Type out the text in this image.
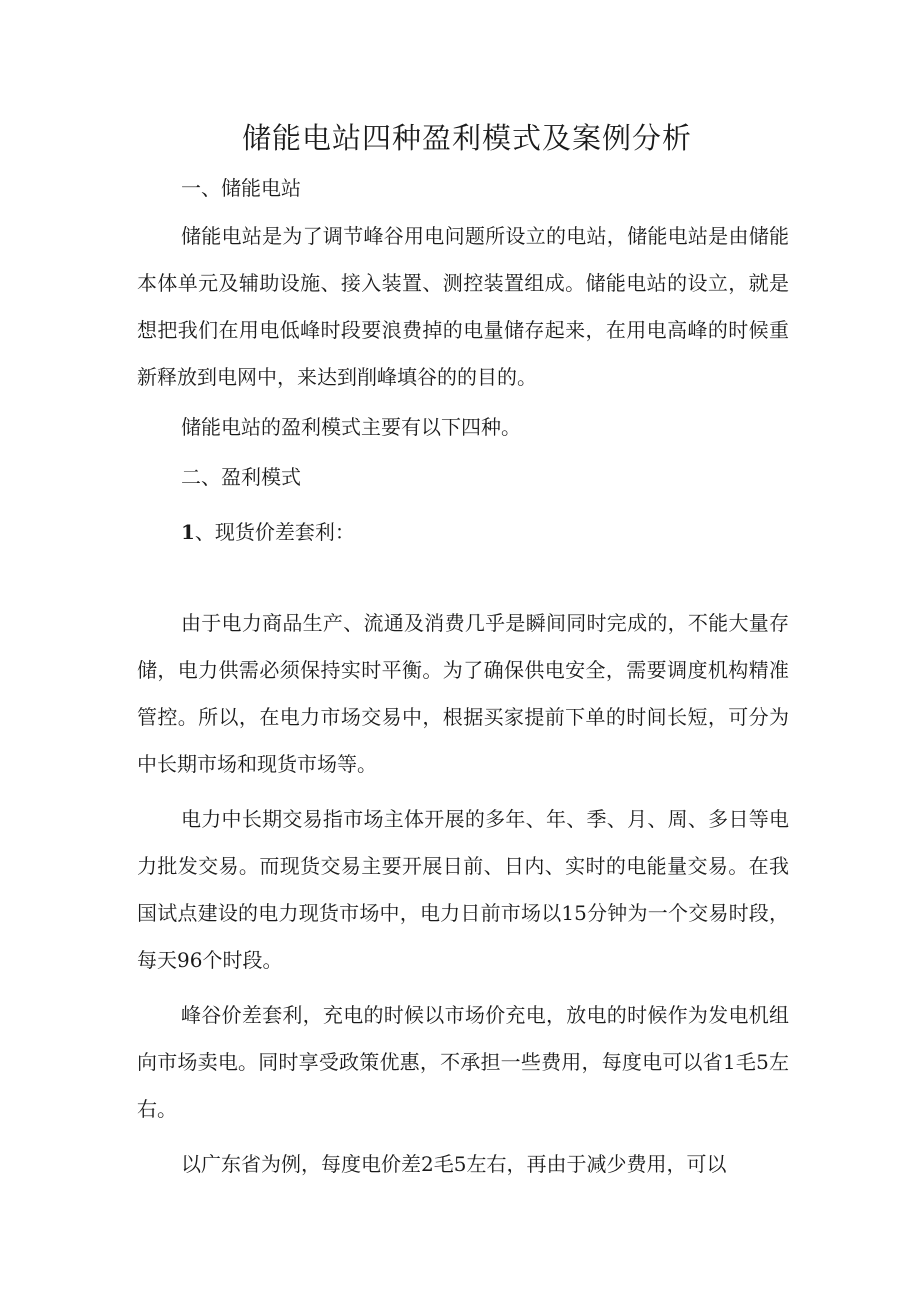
储能电站四种盈利模式及案例分析

一、储能电站

储能电站是为了调节峰谷用电问题所设立的电站，储能电站是由储能本体单元及辅助设施、接入装置、测控装置组成。储能电站的设立，就是想把我们在用电低峰时段要浪费掉的电量储存起来，在用电高峰的时候重新释放到电网中，来达到削峰填谷的的目的。

储能电站的盈利模式主要有以下四种。

二、盈利模式

1、现货价差套利：

由于电力商品生产、流通及消费几乎是瞬间同时完成的，不能大量存储，电力供需必须保持实时平衡。为了确保供电安全，需要调度机构精准管控。所以，在电力市场交易中，根据买家提前下单的时间长短，可分为中长期市场和现货市场等。

电力中长期交易指市场主体开展的多年、年、季、月、周、多日等电力批发交易。而现货交易主要开展日前、日内、实时的电能量交易。在我国试点建设的电力现货市场中，电力日前市场以15分钟为一个交易时段，每天96个时段。

峰谷价差套利，充电的时候以市场价充电，放电的时候作为发电机组向市场卖电。同时享受政策优惠，不承担一些费用，每度电可以省1毛5左右。

以广东省为例，每度电价差2毛5左右，再由于减少费用，可以
